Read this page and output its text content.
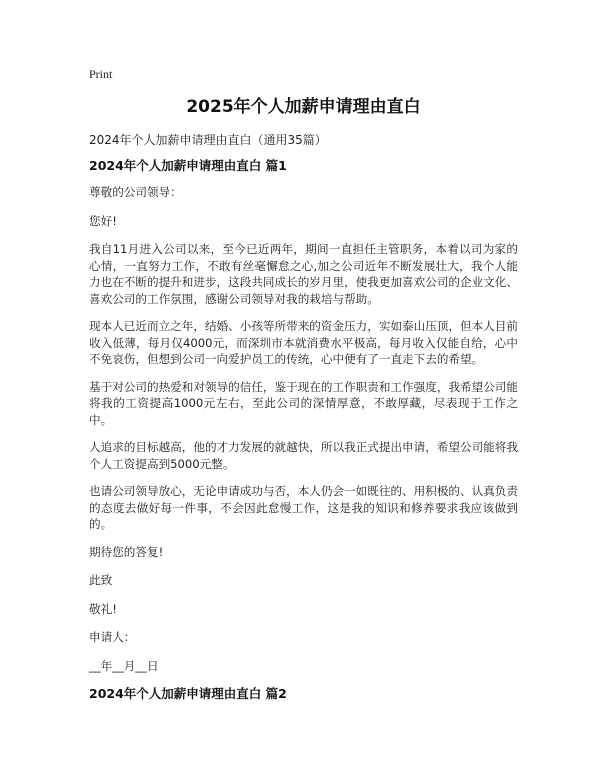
Print
2025年个人加薪申请理由直白
2024年个人加薪申请理由直白（通用35篇）
2024年个人加薪申请理由直白 篇1
尊敬的公司领导：
您好!
我自11月进入公司以来，至今已近两年，期间一直担任主管职务，本着以司为家的心情，一直努力工作，不敢有丝毫懈怠之心,加之公司近年不断发展壮大，我个人能力也在不断的提升和进步，这段共同成长的岁月里，使我更加喜欢公司的企业文化、喜欢公司的工作氛围，感谢公司领导对我的栽培与帮助。
现本人已近而立之年，结婚、小孩等所带来的资金压力，实如泰山压顶，但本人目前收入低薄，每月仅4000元，而深圳市本就消费水平极高，每月收入仅能自给，心中不免哀伤，但想到公司一向爱护员工的传统，心中便有了一直走下去的希望。
基于对公司的热爱和对领导的信任，鉴于现在的工作职责和工作强度，我希望公司能将我的工资提高1000元左右，至此公司的深情厚意，不敢厚藏，尽表现于工作之中。
人追求的目标越高，他的才力发展的就越快，所以我正式提出申请，希望公司能将我个人工资提高到5000元整。
也请公司领导放心，无论申请成功与否，本人仍会一如既往的、用积极的、认真负责的态度去做好每一件事，不会因此怠慢工作，这是我的知识和修养要求我应该做到的。
期待您的答复!
此致
敬礼!
申请人：
__年__月__日
2024年个人加薪申请理由直白 篇2
